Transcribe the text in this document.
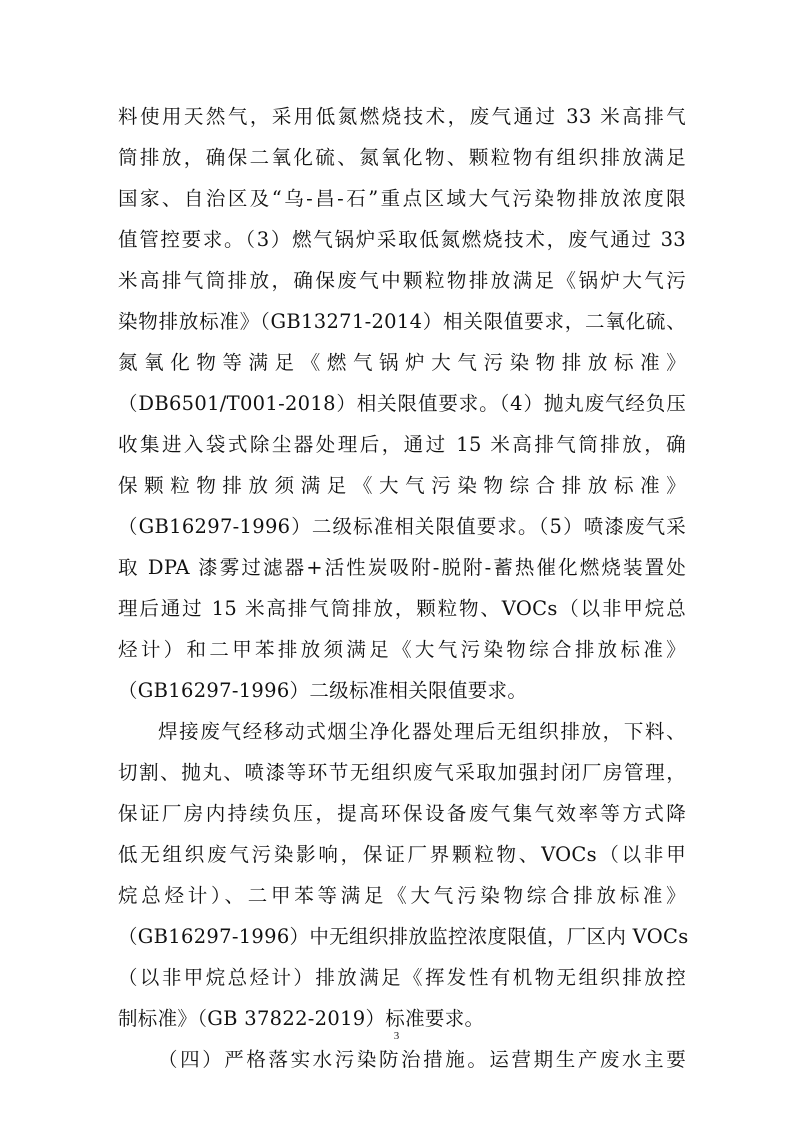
料使用天然气，采用低氮燃烧技术，废气通过 33 米高排气
筒排放，确保二氧化硫、氮氧化物、颗粒物有组织排放满足
国家、自治区及“乌-昌-石”重点区域大气污染物排放浓度限
值管控要求。（3）燃气锅炉采取低氮燃烧技术，废气通过 33
米高排气筒排放，确保废气中颗粒物排放满足《锅炉大气污
染物排放标准》（GB13271-2014）相关限值要求，二氧化硫、
氮氧化物等满足《燃气锅炉大气污染物排放标准》
（DB6501/T001-2018）相关限值要求。（4）抛丸废气经负压
收集进入袋式除尘器处理后，通过 15 米高排气筒排放，确
保颗粒物排放须满足《大气污染物综合排放标准》
（GB16297-1996）二级标准相关限值要求。（5）喷漆废气采
取 DPA 漆雾过滤器+活性炭吸附-脱附-蓄热催化燃烧装置处
理后通过 15 米高排气筒排放，颗粒物、VOCs（以非甲烷总
烃计）和二甲苯排放须满足《大气污染物综合排放标准》
（GB16297-1996）二级标准相关限值要求。
焊接废气经移动式烟尘净化器处理后无组织排放，下料、
切割、抛丸、喷漆等环节无组织废气采取加强封闭厂房管理，
保证厂房内持续负压，提高环保设备废气集气效率等方式降
低无组织废气污染影响，保证厂界颗粒物、VOCs（以非甲
烷总烃计）、二甲苯等满足《大气污染物综合排放标准》
（GB16297-1996）中无组织排放监控浓度限值，厂区内 VOCs
（以非甲烷总烃计）排放满足《挥发性有机物无组织排放控
制标准》（GB 37822-2019）标准要求。
（四）严格落实水污染防治措施。运营期生产废水主要
3
